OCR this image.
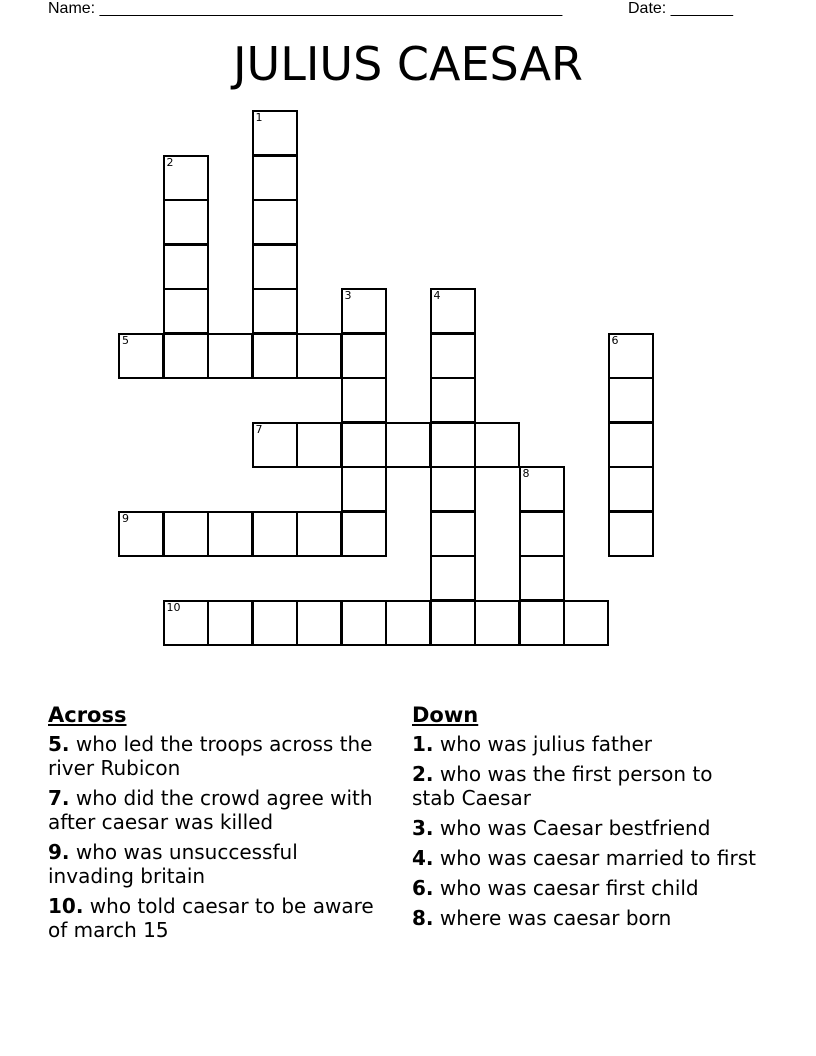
Name: ____________________________________________________	Date: _______
JULIUS CAESAR
1
2
3	4
6
8
5
7
9
10
Across
5. who led the troops across the river Rubicon
7. who did the crowd agree with after caesar was killed
9. who was unsuccessful invading britain
10. who told caesar to be aware of march 15
Down
1. who was julius father
2. who was the first person to stab Caesar
3. who was Caesar bestfriend
4. who was caesar married to first
6. who was caesar first child
8. where was caesar born
